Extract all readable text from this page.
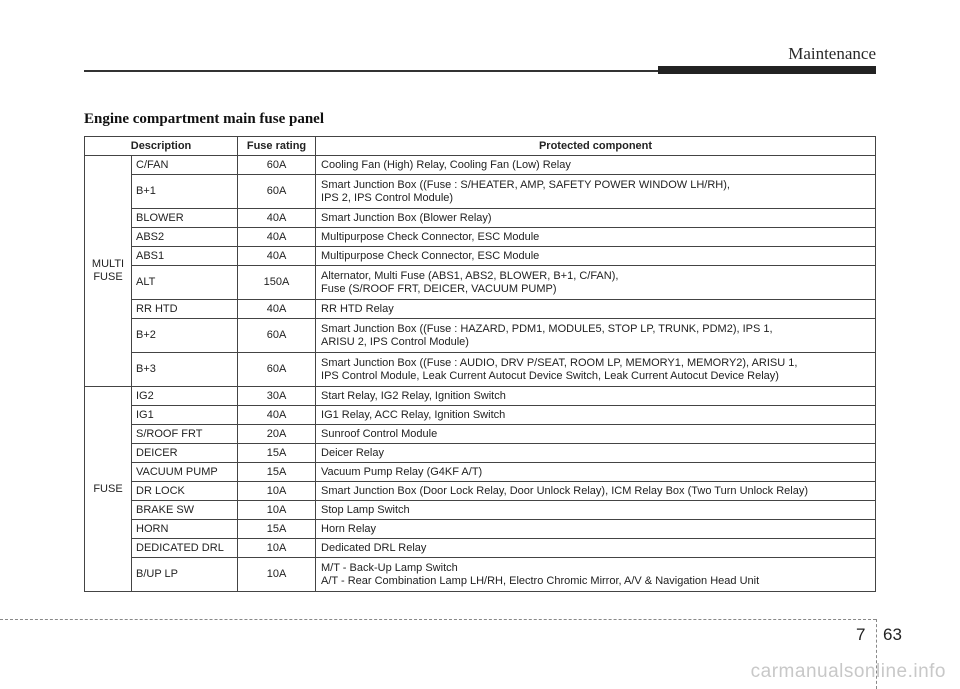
Maintenance
Engine compartment main fuse panel
Description		Fuse rating	Protected component
MULTI
FUSE	C/FAN	60A	Cooling Fan (High) Relay, Cooling Fan (Low) Relay
	B+1	60A	Smart Junction Box ((Fuse : S/HEATER, AMP, SAFETY POWER WINDOW LH/RH),
IPS 2, IPS Control Module)
	BLOWER	40A	Smart Junction Box (Blower Relay)
	ABS2	40A	Multipurpose Check Connector, ESC Module
	ABS1	40A	Multipurpose Check Connector, ESC Module
	ALT	150A	Alternator, Multi Fuse (ABS1, ABS2, BLOWER, B+1, C/FAN),
Fuse (S/ROOF FRT, DEICER, VACUUM PUMP)
	RR HTD	40A	RR HTD Relay
	B+2	60A	Smart Junction Box ((Fuse : HAZARD, PDM1, MODULE5, STOP LP, TRUNK, PDM2), IPS 1,
ARISU 2, IPS Control Module)
	B+3	60A	Smart Junction Box ((Fuse : AUDIO, DRV P/SEAT, ROOM LP, MEMORY1, MEMORY2), ARISU 1,
IPS Control Module, Leak Current Autocut Device Switch, Leak Current Autocut Device Relay)
FUSE	IG2	30A	Start Relay, IG2 Relay, Ignition Switch
	IG1	40A	IG1 Relay, ACC Relay, Ignition Switch
	S/ROOF FRT	20A	Sunroof Control Module
	DEICER	15A	Deicer Relay
	VACUUM PUMP	15A	Vacuum Pump Relay (G4KF A/T)
	DR LOCK	10A	Smart Junction Box (Door Lock Relay, Door Unlock Relay), ICM Relay Box (Two Turn Unlock Relay)
	BRAKE SW	10A	Stop Lamp Switch
	HORN	15A	Horn Relay
	DEDICATED DRL	10A	Dedicated DRL Relay
	B/UP LP	10A	M/T - Back-Up Lamp Switch
A/T - Rear Combination Lamp LH/RH, Electro Chromic Mirror, A/V & Navigation Head Unit
7 63
carmanualsonline.info
